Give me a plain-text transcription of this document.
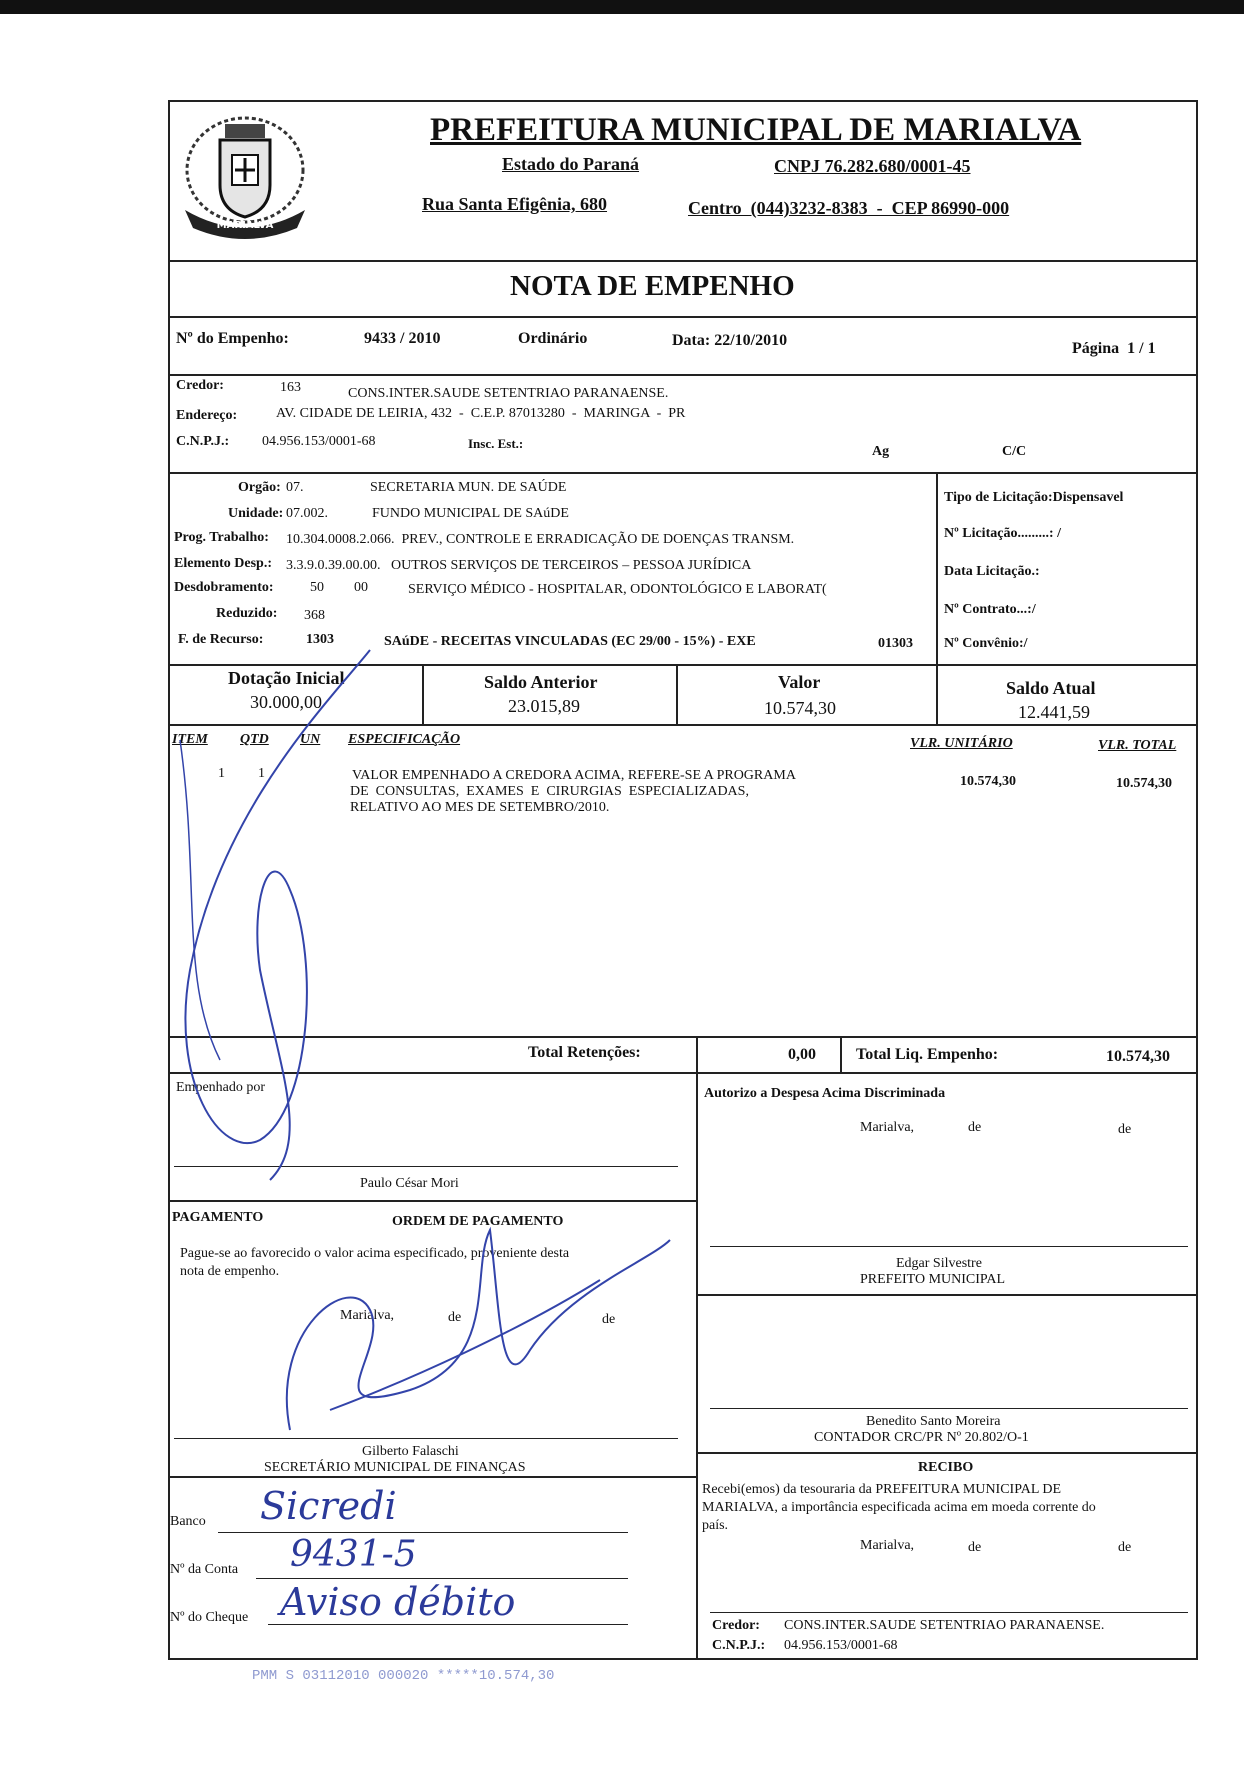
MARIALVA
PREFEITURA MUNICIPAL DE MARIALVA
Estado do Paraná	CNPJ 76.282.680/0001-45
Rua Santa Efigênia, 680	Centro  (044)3232-8383  -  CEP 86990-000
NOTA DE EMPENHO
Nº do Empenho:	9433 / 2010	Ordinário	Data: 22/10/2010	Página  1 / 1
Credor:	163	CONS.INTER.SAUDE SETENTRIAO PARANAENSE.
Endereço:	AV. CIDADE DE LEIRIA, 432  -  C.E.P. 87013280  -  MARINGA  -  PR
C.N.P.J.: 04.956.153/0001-68	Insc. Est.:
Ag	C/C
Orgão: 07.	SECRETARIA MUN. DE SAÚDE
Unidade: 07.002.	FUNDO MUNICIPAL DE SAúDE
Prog. Trabalho: 10.304.0008.2.066.  PREV., CONTROLE E ERRADICAÇÃO DE DOENÇAS TRANSM.
Elemento Desp.: 3.3.9.0.39.00.00.   OUTROS SERVIÇOS DE TERCEIROS – PESSOA JURÍDICA
Desdobramento:	50 00	SERVIÇO MÉDICO - HOSPITALAR, ODONTOLÓGICO E LABORAT(
Reduzido: 368
F. de Recurso:	1303	SAúDE - RECEITAS VINCULADAS (EC 29/00 - 15%) - EXE	01303
Tipo de Licitação:Dispensavel
Nº Licitação.........: /
Data Licitação.:
Nº Contrato...:/
Nº Convênio:/
Dotação Inicial
30.000,00
Saldo Anterior
23.015,89
Valor
10.574,30
Saldo Atual
12.441,59
ITEM QTD UN ESPECIFICAÇÃO	VLR. UNITÁRIO	VLR. TOTAL
1 1	VALOR EMPENHADO A CREDORA ACIMA, REFERE-SE A PROGRAMA
DE  CONSULTAS,  EXAMES  E  CIRURGIAS  ESPECIALIZADAS,
RELATIVO AO MES DE SETEMBRO/2010.
10.574,30	10.574,30
Total Retenções:	0,00	Total Liq. Empenho:	10.574,30
Empenhado por
Paulo César Mori
Autorizo a Despesa Acima Discriminada
Marialva,	de	de
PAGAMENTO	ORDEM DE PAGAMENTO
Pague-se ao favorecido o valor acima especificado, proveniente desta
nota de empenho.
Marialva,	de	de
Gilberto Falaschi
SECRETÁRIO MUNICIPAL DE FINANÇAS
Edgar Silvestre
PREFEITO MUNICIPAL
Benedito Santo Moreira
CONTADOR CRC/PR Nº 20.802/O-1
RECIBO
Recebi(emos) da tesouraria da PREFEITURA MUNICIPAL DE
MARIALVA, a importância especificada acima em moeda corrente do
país.
Marialva,	de	de
Banco Sicredi
Nº da Conta 9431-5
Nº do Cheque Aviso débito
Credor: CONS.INTER.SAUDE SETENTRIAO PARANAENSE.
C.N.P.J.: 04.956.153/0001-68
PMM S 03112010 000020 *****10.574,30
